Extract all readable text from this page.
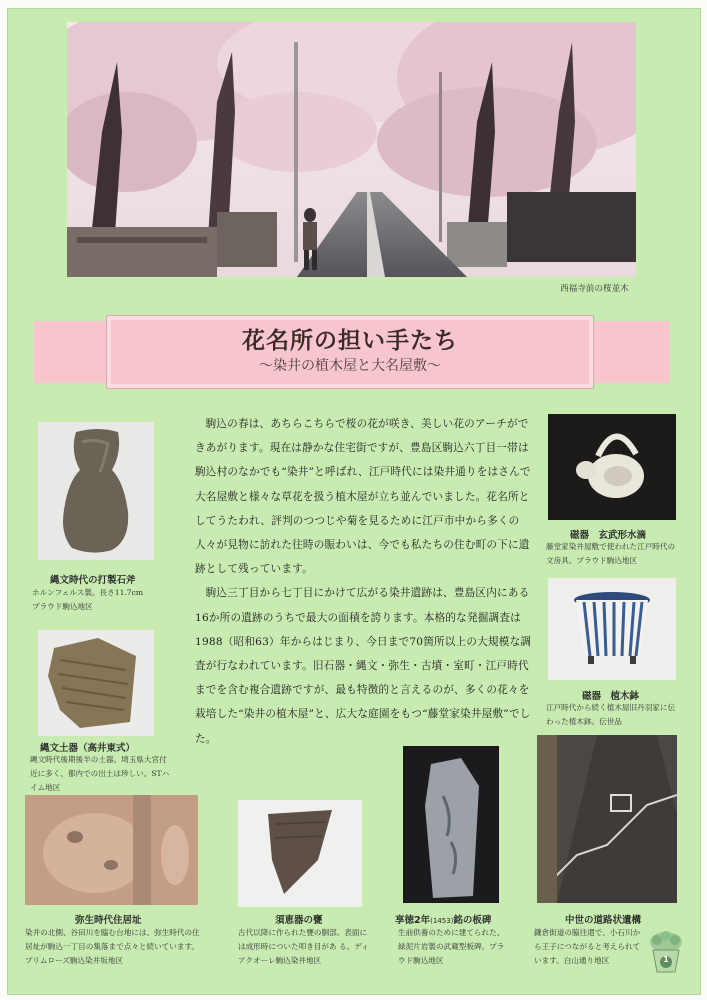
西福寺前の桜並木
花名所の担い手たち
～染井の植木屋と大名屋敷～

駒込の春は、あちらこちらで桜の花が咲き、美しい花のアーチができあがります。現在は静かな住宅街ですが、豊島区駒込六丁目一帯は駒込村のなかでも“染井”と呼ばれ、江戸時代には染井通りをはさんで大名屋敷と様々な草花を扱う植木屋が立ち並んでいました。花名所としてうたわれ、評判のつつじや菊を見るために江戸市中から多くの人々が見物に訪れた往時の賑わいは、今でも私たちの住む町の下に遺跡として残っています。

駒込三丁目から七丁目にかけて広がる染井遺跡は、豊島区内にある16か所の遺跡のうちで最大の面積を誇ります。本格的な発掘調査は1988（昭和63）年からはじまり、今日まで70箇所以上の大規模な調査が行なわれています。旧石器・縄文・弥生・古墳・室町・江戸時代までを含む複合遺跡ですが、最も特徴的と言えるのが、多くの花々を栽培した“染井の植木屋”と、広大な庭園をもつ“藤堂家染井屋敷”でした。

縄文時代の打製石斧
ホルンフェルス製。長さ11.7cm
プラウド駒込地区
縄文土器（高井東式）
縄文時代後期後半の土器。埼玉県大宮付近に多く、都内での出土は珍しい。STハイム地区
弥生時代住居址
染井の北側、谷田川を臨む台地には、弥生時代の住居址が駒込一丁目の集落まで点々と続いています。プリムローズ駒込染井坂地区
須恵器の甕
古代以降に作られた甕の胴部。表面には成形時についた叩き目があ る。ディアクオーレ駒込染井地区
享徳2年(1453)銘の板碑
生前供養のために建てられた、緑泥片岩製の武蔵型板碑。プラウド駒込地区
中世の道路状遺構
鎌倉街道の脇往還で、小石川から王子につながると考えられています。白山通り地区
磁器　玄武形水滴
藤堂家染井屋敷で使われた江戸時代の文房具。プラウド駒込地区
磁器　植木鉢
江戸時代から続く植木屋旧丹羽家に伝わった植木鉢。伝世品
1
